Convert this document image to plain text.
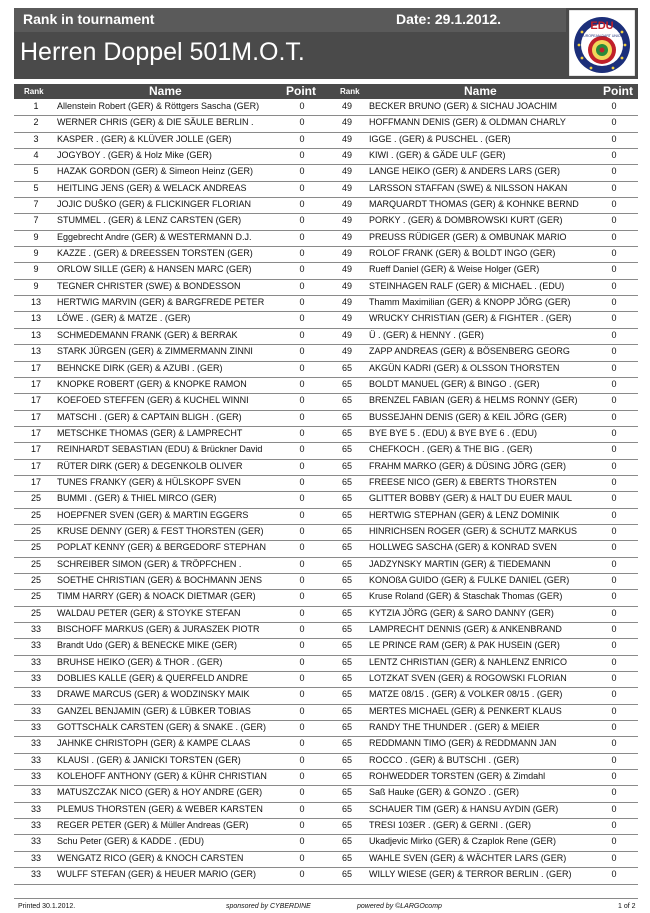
Rank in tournament	Date: 29.1.2012.
Herren Doppel 501M.O.T.
EDU
EUROPEAN DART UNION
Rank	Name	Point	Rank	Name	Point
1	Allenstein Robert (GER) & Röttgers Sascha (GER)	0	49	BECKER BRUNO (GER) & SICHAU JOACHIM	0
2	WERNER CHRIS (GER) & DIE SÄULE BERLIN .	0	49	HOFFMANN DENIS (GER) & OLDMAN CHARLY	0
3	KASPER . (GER) & KLÜVER JOLLE (GER)	0	49	IGGE . (GER) & PUSCHEL . (GER)	0
4	JOGYBOY . (GER) & Holz Mike (GER)	0	49	KIWI . (GER) & GÄDE ULF (GER)	0
5	HAZAK GORDON (GER) & Simeon Heinz (GER)	0	49	LANGE HEIKO (GER) & ANDERS LARS (GER)	0
5	HEITLING JENS (GER) & WELACK ANDREAS	0	49	LARSSON STAFFAN (SWE) & NILSSON HAKAN	0
7	JOJIC DUŠKO (GER) & FLICKINGER FLORIAN	0	49	MARQUARDT THOMAS (GER) & KOHNKE BERND	0
7	STUMMEL . (GER) & LENZ CARSTEN (GER)	0	49	PORKY . (GER) & DOMBROWSKI KURT (GER)	0
9	Eggebrecht Andre (GER) & WESTERMANN D.J.	0	49	PREUSS RÜDIGER (GER) & OMBUNAK MARIO	0
9	KAZZE . (GER) & DREESSEN TORSTEN (GER)	0	49	ROLOF FRANK (GER) & BOLDT INGO (GER)	0
9	ORLOW SILLE (GER) & HANSEN MARC (GER)	0	49	Rueff Daniel (GER) & Weise Holger (GER)	0
9	TEGNER CHRISTER (SWE) & BONDESSON	0	49	STEINHAGEN RALF (GER) & MICHAEL . (EDU)	0
13	HERTWIG MARVIN (GER) & BARGFREDE PETER	0	49	Thamm Maximilian (GER) & KNOPP JÖRG (GER)	0
13	LÖWE . (GER) & MATZE . (GER)	0	49	WRUCKY CHRISTIAN (GER) & FIGHTER . (GER)	0
13	SCHMEDEMANN FRANK (GER) & BERRAK	0	49	Ü . (GER) & HENNY . (GER)	0
13	STARK JÜRGEN (GER) & ZIMMERMANN ZINNI	0	49	ZAPP ANDREAS (GER) & BÖSENBERG GEORG	0
17	BEHNCKE DIRK (GER) & AZUBI . (GER)	0	65	AKGÜN KADRI (GER) & OLSSON THORSTEN	0
17	KNOPKE ROBERT (GER) & KNOPKE RAMON	0	65	BOLDT MANUEL (GER) & BINGO . (GER)	0
17	KOEFOED STEFFEN (GER) & KUCHEL WINNI	0	65	BRENZEL FABIAN (GER) & HELMS RONNY (GER)	0
17	MATSCHI . (GER) & CAPTAIN BLIGH . (GER)	0	65	BUSSEJAHN DENIS (GER) & KEIL JÖRG (GER)	0
17	METSCHKE THOMAS (GER) & LAMPRECHT	0	65	BYE BYE 5 . (EDU) & BYE BYE 6 . (EDU)	0
17	REINHARDT SEBASTIAN (EDU) & Brückner David	0	65	CHEFKOCH . (GER) & THE BIG . (GER)	0
17	RÜTER DIRK (GER) & DEGENKOLB OLIVER	0	65	FRAHM MARKO (GER) & DÜSING JÖRG (GER)	0
17	TUNES FRANKY (GER) & HÜLSKOPF SVEN	0	65	FREESE NICO (GER) & EBERTS THORSTEN	0
25	BUMMI . (GER) & THIEL MIRCO (GER)	0	65	GLITTER BOBBY (GER) & HALT DU EUER MAUL	0
25	HOEPFNER SVEN (GER) & MARTIN EGGERS	0	65	HERTWIG STEPHAN (GER) & LENZ DOMINIK	0
25	KRUSE DENNY (GER) & FEST THORSTEN (GER)	0	65	HINRICHSEN ROGER (GER) & SCHUTZ MARKUS	0
25	POPLAT KENNY (GER) & BERGEDORF STEPHAN	0	65	HOLLWEG SASCHA (GER) & KONRAD SVEN	0
25	SCHREIBER SIMON (GER) & TRÖPFCHEN .	0	65	JADZYNSKY MARTIN (GER) & TIEDEMANN	0
25	SOETHE CHRISTIAN (GER) & BOCHMANN JENS	0	65	KONOßA GUIDO (GER) & FULKE DANIEL (GER)	0
25	TIMM HARRY (GER) & NOACK DIETMAR (GER)	0	65	Kruse Roland (GER) & Staschak Thomas (GER)	0
25	WALDAU PETER (GER) & STOYKE STEFAN	0	65	KYTZIA JÖRG (GER) & SARO DANNY (GER)	0
33	BISCHOFF MARKUS (GER) & JURASZEK PIOTR	0	65	LAMPRECHT DENNIS (GER) & ANKENBRAND	0
33	Brandt Udo (GER) & BENECKE MIKE (GER)	0	65	LE PRINCE RAM (GER) & PAK HUSEIN (GER)	0
33	BRUHSE HEIKO (GER) & THOR . (GER)	0	65	LENTZ CHRISTIAN (GER) & NAHLENZ ENRICO	0
33	DOBLIES KALLE (GER) & QUERFELD ANDRE	0	65	LOTZKAT SVEN (GER) & ROGOWSKI FLORIAN	0
33	DRAWE MARCUS (GER) & WODZINSKY MAIK	0	65	MATZE 08/15 . (GER) & VOLKER 08/15 . (GER)	0
33	GANZEL BENJAMIN (GER) & LÜBKER TOBIAS	0	65	MERTES MICHAEL (GER) & PENKERT KLAUS	0
33	GOTTSCHALK CARSTEN (GER) & SNAKE . (GER)	0	65	RANDY THE THUNDER . (GER) & MEIER	0
33	JAHNKE CHRISTOPH (GER) & KAMPE CLAAS	0	65	REDDMANN TIMO (GER) & REDDMANN JAN	0
33	KLAUSI . (GER) & JANICKI TORSTEN (GER)	0	65	ROCCO . (GER) & BUTSCHI . (GER)	0
33	KOLEHOFF ANTHONY (GER) & KÜHR CHRISTIAN	0	65	ROHWEDDER TORSTEN (GER) & Zimdahl	0
33	MATUSZCZAK NICO (GER) & HOY ANDRE (GER)	0	65	Saß Hauke (GER) & GONZO . (GER)	0
33	PLEMUS THORSTEN (GER) & WEBER KARSTEN	0	65	SCHAUER TIM (GER) & HANSU AYDIN (GER)	0
33	REGER PETER (GER) & Müller Andreas (GER)	0	65	TRESI 103ER . (GER) & GERNI . (GER)	0
33	Schu Peter (GER) & KADDE . (EDU)	0	65	Ukadjevic Mirko (GER) & Czaplok Rene (GER)	0
33	WENGATZ RICO (GER) & KNOCH CARSTEN	0	65	WAHLE SVEN (GER) & WÄCHTER LARS (GER)	0
33	WULFF STEFAN (GER) & HEUER MARIO (GER)	0	65	WILLY WIESE (GER) & TERROR BERLIN . (GER)	0
Printed 30.1.2012.	sponsored by CYBERDINE	powered by ©LARGOcomp	1 of 2
